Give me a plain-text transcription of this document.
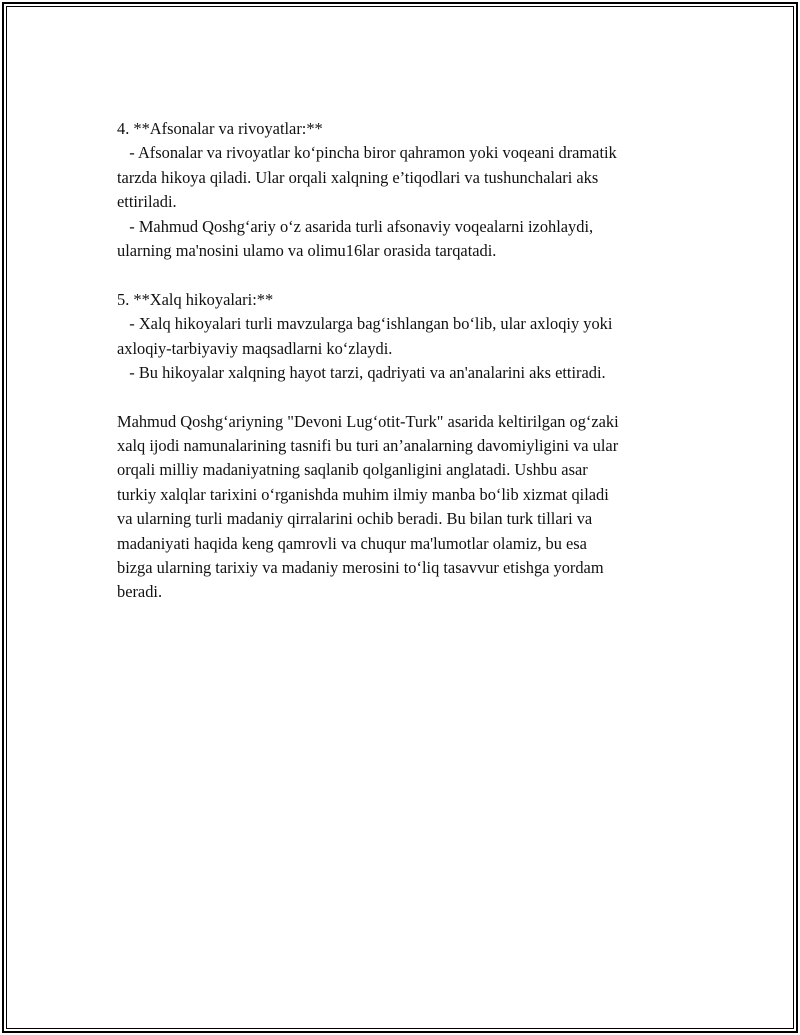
4. **Afsonalar va rivoyatlar:**
- Afsonalar va rivoyatlar ko‘pincha biror qahramon yoki voqeani dramatik
tarzda hikoya qiladi. Ular orqali xalqning e’tiqodlari va tushunchalari aks
ettiriladi.
- Mahmud Qoshg‘ariy o‘z asarida turli afsonaviy voqealarni izohlaydi,
ularning ma'nosini ulamo va olimu16lar orasida tarqatadi.
5. **Xalq hikoyalari:**
- Xalq hikoyalari turli mavzularga bag‘ishlangan bo‘lib, ular axloqiy yoki
axloqiy-tarbiyaviy maqsadlarni ko‘zlaydi.
- Bu hikoyalar xalqning hayot tarzi, qadriyati va an'analarini aks ettiradi.
Mahmud Qoshg‘ariyning "Devoni Lug‘otit-Turk" asarida keltirilgan og‘zaki
xalq ijodi namunalarining tasnifi bu turi an’analarning davomiyligini va ular
orqali milliy madaniyatning saqlanib qolganligini anglatadi. Ushbu asar
turkiy xalqlar tarixini o‘rganishda muhim ilmiy manba bo‘lib xizmat qiladi
va ularning turli madaniy qirralarini ochib beradi. Bu bilan turk tillari va
madaniyati haqida keng qamrovli va chuqur ma'lumotlar olamiz, bu esa
bizga ularning tarixiy va madaniy merosini to‘liq tasavvur etishga yordam
beradi.
